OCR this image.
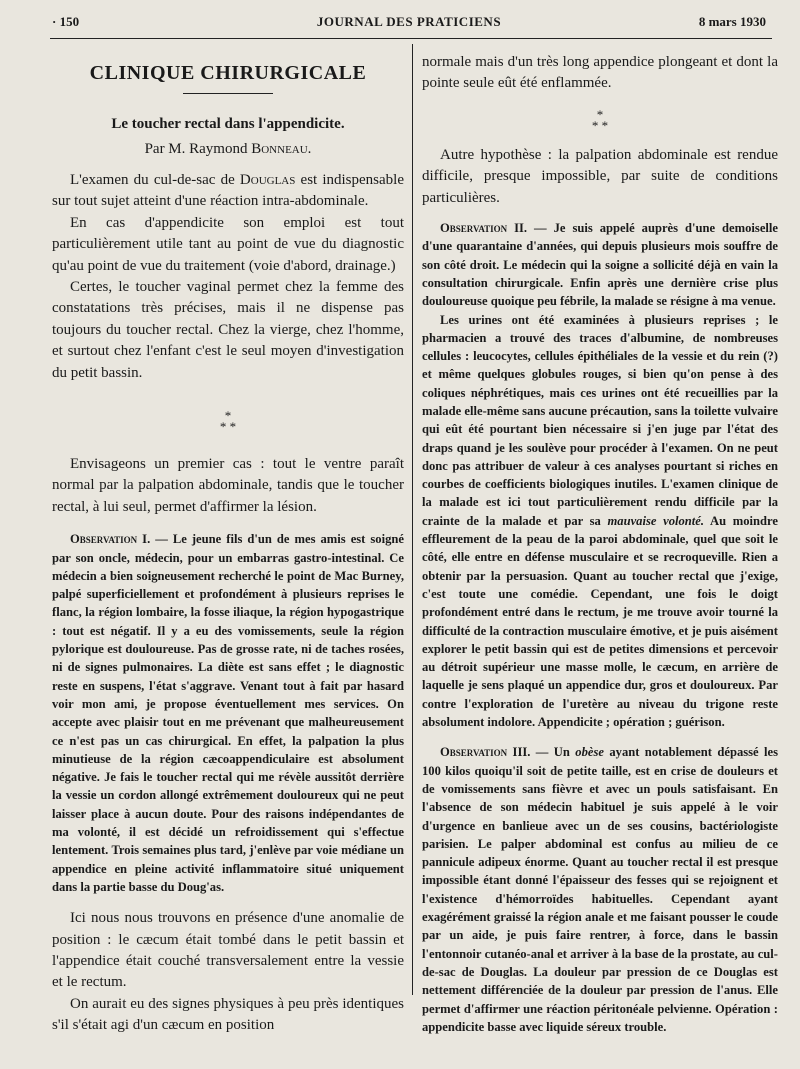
· 150	JOURNAL DES PRATICIENS	8 mars 1930
CLINIQUE CHIRURGICALE
Le toucher rectal dans l'appendicite.
Par M. Raymond Bonneau.

L'examen du cul-de-sac de Douglas est indispensable sur tout sujet atteint d'une réaction intra-abdominale.

En cas d'appendicite son emploi est tout particulièrement utile tant au point de vue du diagnostic qu'au point de vue du traitement (voie d'abord, drainage.)

Certes, le toucher vaginal permet chez la femme des constatations très précises, mais il ne dispense pas toujours du toucher rectal. Chez la vierge, chez l'homme, et surtout chez l'enfant c'est le seul moyen d'investigation du petit bassin.

*
* *

Envisageons un premier cas : tout le ventre paraît normal par la palpation abdominale, tandis que le toucher rectal, à lui seul, permet d'affirmer la lésion.

Observation I. — Le jeune fils d'un de mes amis est soigné par son oncle, médecin, pour un embarras gastro-intestinal. Ce médecin a bien soigneusement recherché le point de Mac Burney, palpé superficiellement et profondément à plusieurs reprises le flanc, la région lombaire, la fosse iliaque, la région hypogastrique : tout est négatif. Il y a eu des vomissements, seule la région pylorique est douloureuse. Pas de grosse rate, ni de taches rosées, ni de signes pulmonaires. La diète est sans effet ; le diagnostic reste en suspens, l'état s'aggrave. Venant tout à fait par hasard voir mon ami, je propose éventuellement mes services. On accepte avec plaisir tout en me prévenant que malheureusement ce n'est pas un cas chirurgical. En effet, la palpation la plus minutieuse de la région cæcoappendiculaire est absolument négative. Je fais le toucher rectal qui me révèle aussitôt derrière la vessie un cordon allongé extrêmement douloureux qui ne peut laisser place à aucun doute. Pour des raisons indépendantes de ma volonté, il est décidé un refroidissement qui s'effectue lentement. Trois semaines plus tard, j'enlève par voie médiane un appendice en pleine activité inflammatoire situé uniquement dans la partie basse du Doug'as.

Ici nous nous trouvons en présence d'une anomalie de position : le cæcum était tombé dans le petit bassin et l'appendice était couché transversalement entre la vessie et le rectum.

On aurait eu des signes physiques à peu près identiques s'il s'était agi d'un cæcum en position

normale mais d'un très long appendice plongeant et dont la pointe seule eût été enflammée.

*
* *

Autre hypothèse : la palpation abdominale est rendue difficile, presque impossible, par suite de conditions particulières.

Observation II. — Je suis appelé auprès d'une demoiselle d'une quarantaine d'années, qui depuis plusieurs mois souffre de son côté droit. Le médecin qui la soigne a sollicité déjà en vain la consultation chirurgicale. Enfin après une dernière crise plus douloureuse quoique peu fébrile, la malade se résigne à ma venue.

Les urines ont été examinées à plusieurs reprises ; le pharmacien a trouvé des traces d'albumine, de nombreuses cellules : leucocytes, cellules épithéliales de la vessie et du rein (?) et même quelques globules rouges, si bien qu'on pense à des coliques néphrétiques, mais ces urines ont été recueillies par la malade elle-même sans aucune précaution, sans la toilette vulvaire qui eût été pourtant bien nécessaire si j'en juge par l'état des draps quand je les soulève pour procéder à l'examen. On ne peut donc pas attribuer de valeur à ces analyses pourtant si riches en courbes de coefficients biologiques inutiles. L'examen clinique de la malade est ici tout particulièrement rendu difficile par la crainte de la malade et par sa mauvaise volonté. Au moindre effleurement de la peau de la paroi abdominale, quel que soit le côté, elle entre en défense musculaire et se recroqueville. Rien a obtenir par la persuasion. Quant au toucher rectal que j'exige, c'est toute une comédie. Cependant, une fois le doigt profondément entré dans le rectum, je me trouve avoir tourné la difficulté de la contraction musculaire émotive, et je puis aisément explorer le petit bassin qui est de petites dimensions et percevoir au détroit supérieur une masse molle, le cæcum, en arrière de laquelle je sens plaqué un appendice dur, gros et douloureux. Par contre l'exploration de l'uretère au niveau du trigone reste absolument indolore. Appendicite ; opération ; guérison.

Observation III. — Un obèse ayant notablement dépassé les 100 kilos quoiqu'il soit de petite taille, est en crise de douleurs et de vomissements sans fièvre et avec un pouls satisfaisant. En l'absence de son médecin habituel je suis appelé à le voir d'urgence en banlieue avec un de ses cousins, bactériologiste parisien. Le palper abdominal est confus au milieu de ce pannicule adipeux énorme. Quant au toucher rectal il est presque impossible étant donné l'épaisseur des fesses qui se rejoignent et l'existence d'hémorroïdes habituelles. Cependant ayant exagérément graissé la région anale et me faisant pousser le coude par un aide, je puis faire rentrer, à force, dans le bassin l'entonnoir cutanéo-anal et arriver à la base de la prostate, au cul-de-sac de Douglas. La douleur par pression de ce Douglas est nettement différenciée de la douleur par pression de l'anus. Elle permet d'affirmer une réaction péritonéale pelvienne. Opération : appendicite basse avec liquide séreux trouble.
